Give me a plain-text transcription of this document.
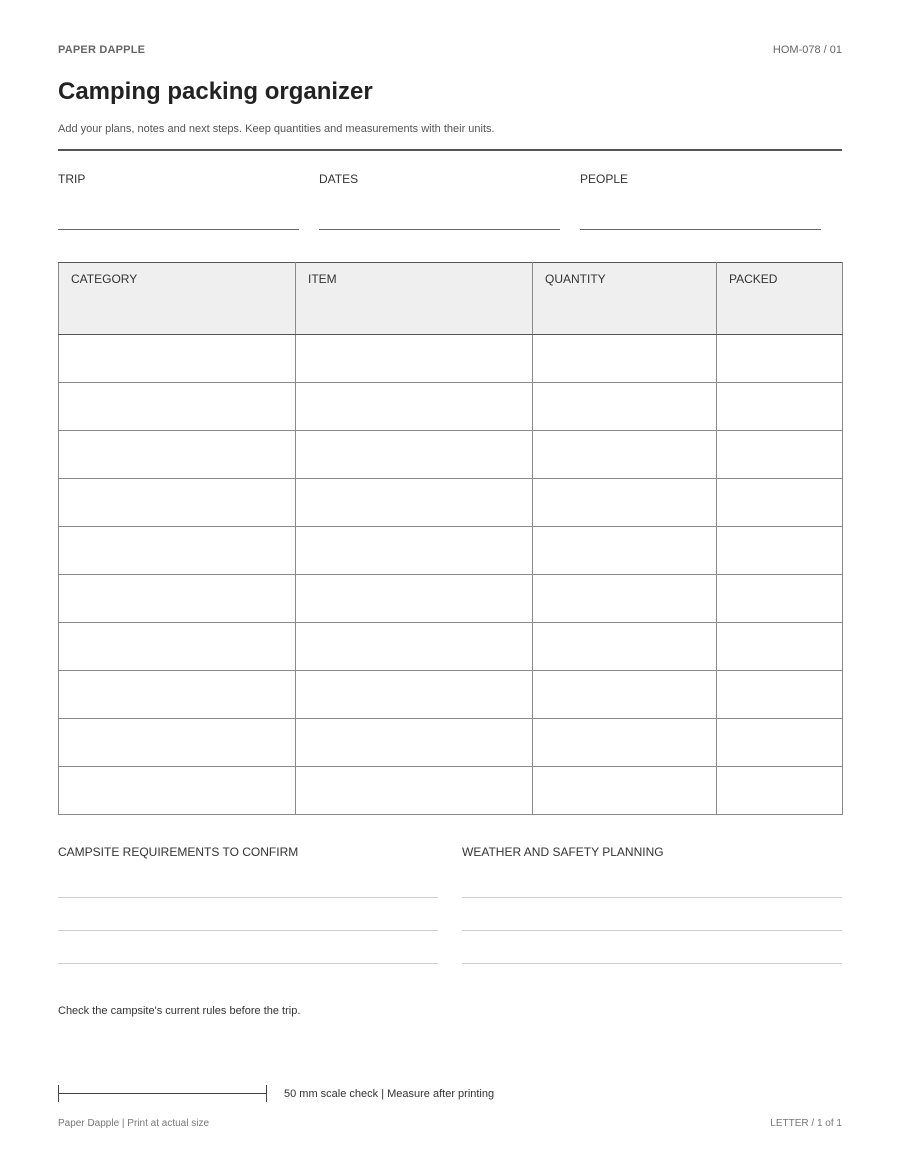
PAPER DAPPLE	HOM-078 / 01
Camping packing organizer
Add your plans, notes and next steps. Keep quantities and measurements with their units.
TRIP	DATES	PEOPLE
CATEGORY	ITEM	QUANTITY	PACKED

CAMPSITE REQUIREMENTS TO CONFIRM	WEATHER AND SAFETY PLANNING
Check the campsite's current rules before the trip.
50 mm scale check | Measure after printing
Paper Dapple | Print at actual size	LETTER / 1 of 1
